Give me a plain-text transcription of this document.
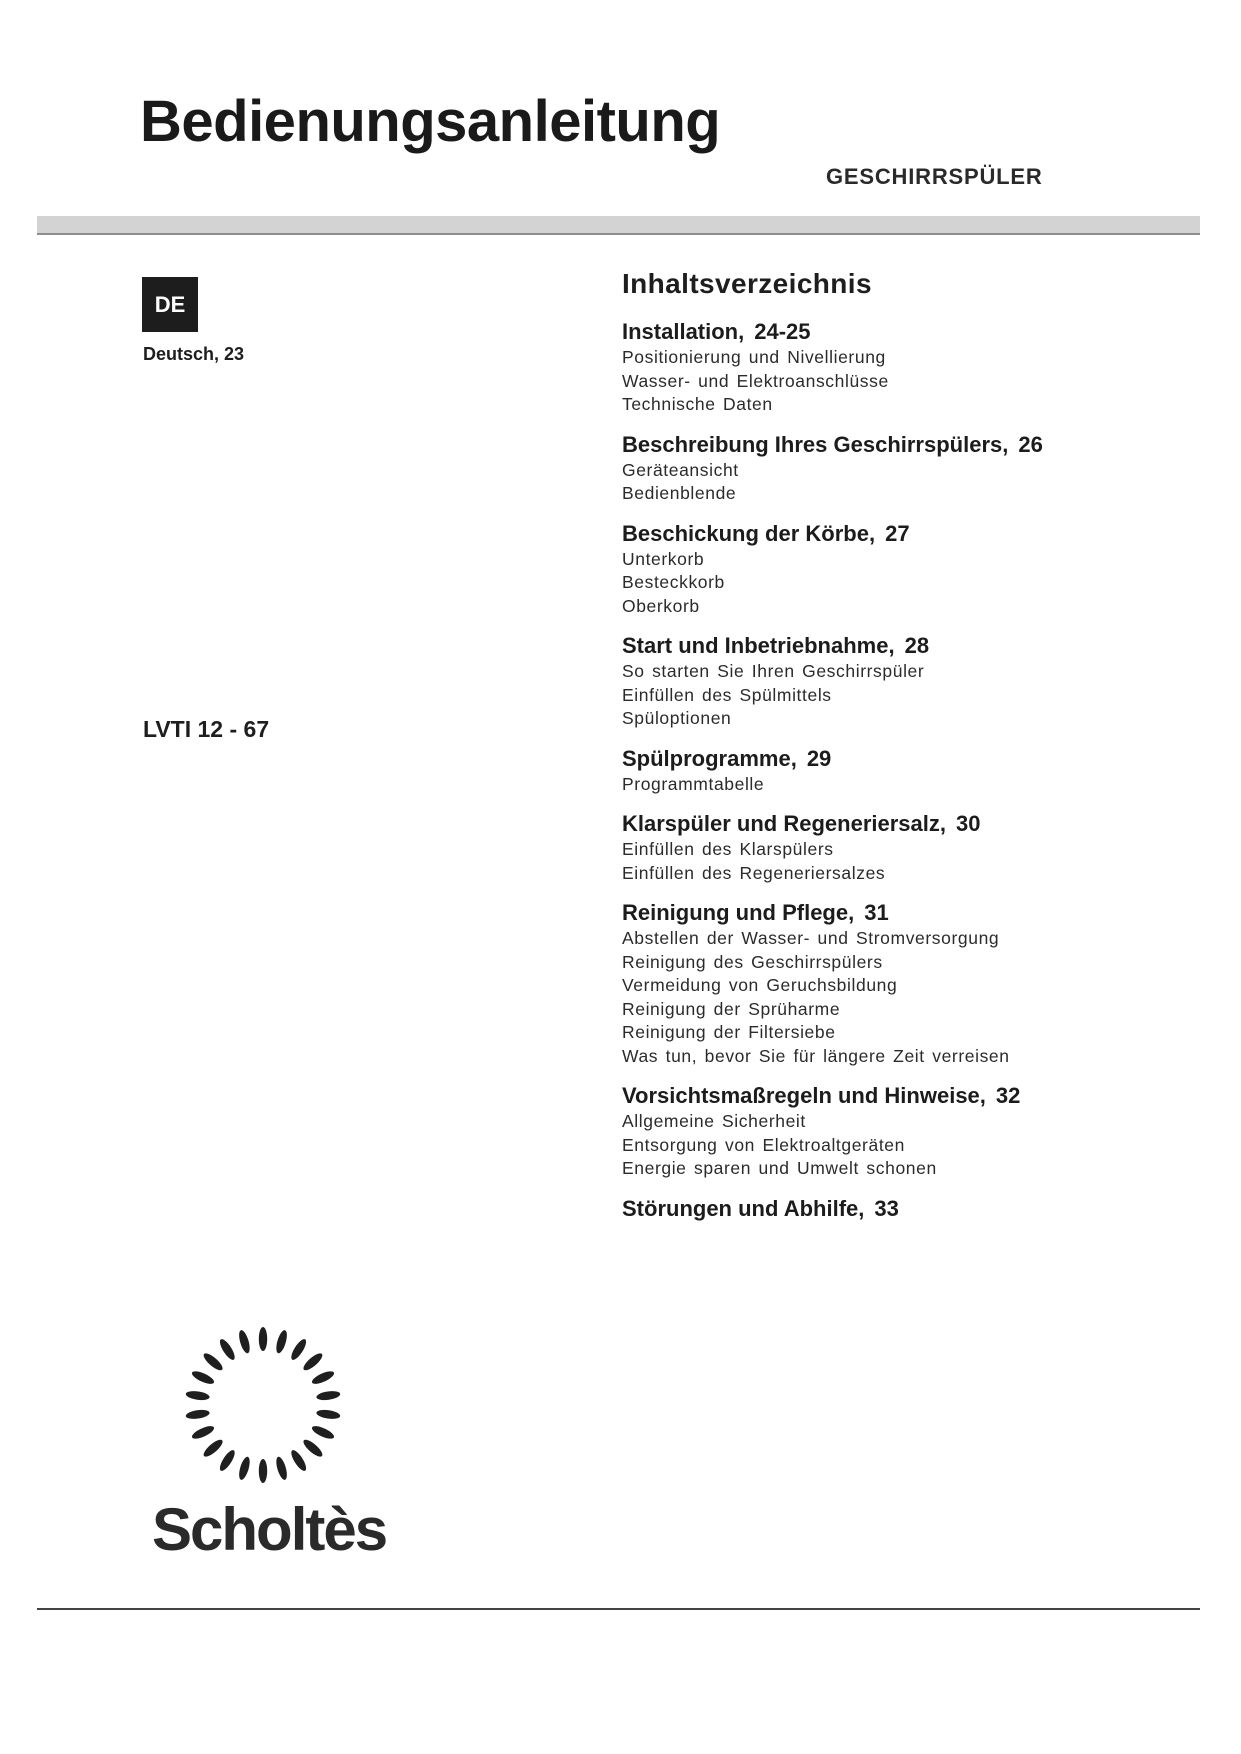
Bedienungsanleitung
GESCHIRRSPÜLER
DE
Deutsch, 23
LVTI 12 - 67
Inhaltsverzeichnis
Installation, 24-25
Positionierung und Nivellierung
Wasser- und Elektroanschlüsse
Technische Daten
Beschreibung Ihres Geschirrspülers, 26
Geräteansicht
Bedienblende
Beschickung der Körbe, 27
Unterkorb
Besteckkorb
Oberkorb
Start und Inbetriebnahme, 28
So starten Sie Ihren Geschirrspüler
Einfüllen des Spülmittels
Spüloptionen
Spülprogramme, 29
Programmtabelle
Klarspüler und Regeneriersalz, 30
Einfüllen des Klarspülers
Einfüllen des Regeneriersalzes
Reinigung und Pflege, 31
Abstellen der Wasser- und Stromversorgung
Reinigung des Geschirrspülers
Vermeidung von Geruchsbildung
Reinigung der Sprüharme
Reinigung der Filtersiebe
Was tun, bevor Sie für längere Zeit verreisen
Vorsichtsmaßregeln und Hinweise, 32
Allgemeine Sicherheit
Entsorgung von Elektroaltgeräten
Energie sparen und Umwelt schonen
Störungen und Abhilfe, 33
Scholtès
